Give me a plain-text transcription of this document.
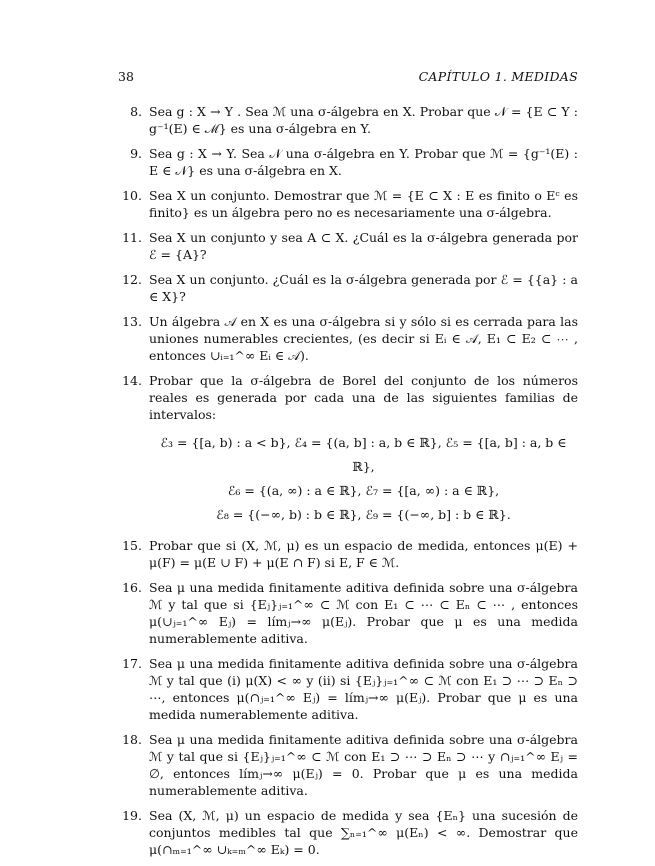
38	CAPÍTULO 1. MEDIDAS
8. Sea g : X → Y . Sea ℳ una σ-álgebra en X. Probar que 𝒩 = {E ⊂ Y : g⁻¹(E) ∈ ℳ} es una σ-álgebra en Y.
9. Sea g : X → Y. Sea 𝒩 una σ-álgebra en Y. Probar que ℳ = {g⁻¹(E) : E ∈ 𝒩} es una σ-álgebra en X.
10. Sea X un conjunto. Demostrar que ℳ = {E ⊂ X : E es finito o Eᶜ es finito} es un álgebra pero no es necesariamente una σ-álgebra.
11. Sea X un conjunto y sea A ⊂ X. ¿Cuál es la σ-álgebra generada por ℰ = {A}?
12. Sea X un conjunto. ¿Cuál es la σ-álgebra generada por ℰ = {{a} : a ∈ X}?
13. Un álgebra 𝒜 en X es una σ-álgebra si y sólo si es cerrada para las uniones numerables crecientes, (es decir si Eᵢ ∈ 𝒜, E₁ ⊂ E₂ ⊂ ⋯ , entonces ∪ᵢ₌₁^∞ Eᵢ ∈ 𝒜).
14. Probar que la σ-álgebra de Borel del conjunto de los números reales es generada por cada una de las siguientes familias de intervalos:
ℰ₃ = {[a, b) : a < b}, ℰ₄ = {(a, b] : a, b ∈ ℝ}, ℰ₅ = {[a, b] : a, b ∈ ℝ},
ℰ₆ = {(a, ∞) : a ∈ ℝ}, ℰ₇ = {[a, ∞) : a ∈ ℝ},
ℰ₈ = {(−∞, b) : b ∈ ℝ}, ℰ₉ = {(−∞, b] : b ∈ ℝ}.
15. Probar que si (X, ℳ, μ) es un espacio de medida, entonces μ(E) + μ(F) = μ(E ∪ F) + μ(E ∩ F) si E, F ∈ ℳ.
16. Sea μ una medida finitamente aditiva definida sobre una σ-álgebra ℳ y tal que si {Eⱼ}ⱼ₌₁^∞ ⊂ ℳ con E₁ ⊂ ⋯ ⊂ Eₙ ⊂ ⋯ , entonces μ(∪ⱼ₌₁^∞ Eⱼ) = límⱼ→∞ μ(Eⱼ). Probar que μ es una medida numerablemente aditiva.
17. Sea μ una medida finitamente aditiva definida sobre una σ-álgebra ℳ y tal que (i) μ(X) < ∞ y (ii) si {Eⱼ}ⱼ₌₁^∞ ⊂ ℳ con E₁ ⊃ ⋯ ⊃ Eₙ ⊃ ⋯, entonces μ(∩ⱼ₌₁^∞ Eⱼ) = límⱼ→∞ μ(Eⱼ). Probar que μ es una medida numerablemente aditiva.
18. Sea μ una medida finitamente aditiva definida sobre una σ-álgebra ℳ y tal que si {Eⱼ}ⱼ₌₁^∞ ⊂ ℳ con E₁ ⊃ ⋯ ⊃ Eₙ ⊃ ⋯ y ∩ⱼ₌₁^∞ Eⱼ = ∅, entonces límⱼ→∞ μ(Eⱼ) = 0. Probar que μ es una medida numerablemente aditiva.
19. Sea (X, ℳ, μ) un espacio de medida y sea {Eₙ} una sucesión de conjuntos medibles tal que ∑ₙ₌₁^∞ μ(Eₙ) < ∞. Demostrar que μ(∩ₘ₌₁^∞ ∪ₖ₌ₘ^∞ Eₖ) = 0.
